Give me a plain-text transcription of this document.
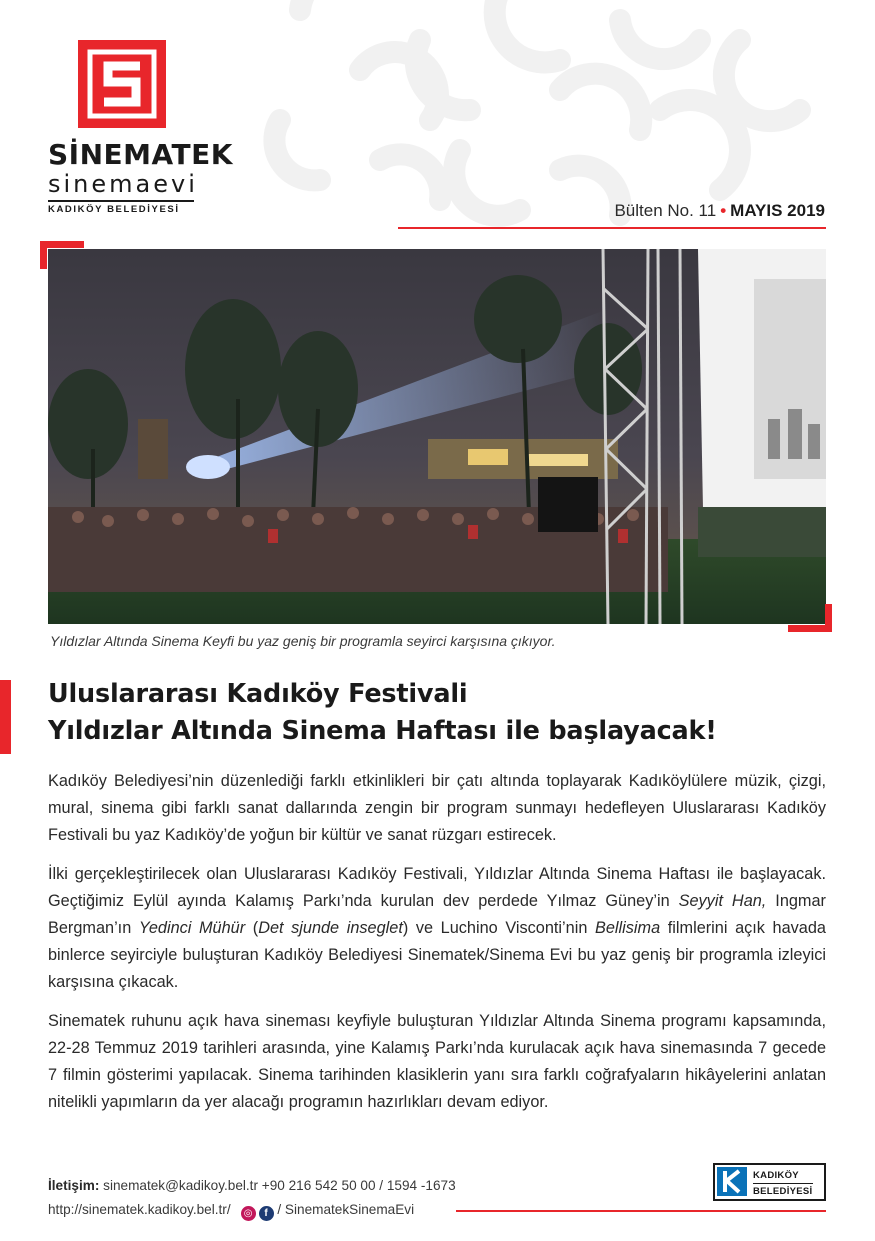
SİNEMATEK
sinemaevi
KADIKÖY BELEDİYESİ	Bülten No. 11 • MAYIS 2019
Yıldızlar Altında Sinema Keyfi bu yaz geniş bir programla seyirci karşısına çıkıyor.
Uluslararası Kadıköy Festivali
Yıldızlar Altında Sinema Haftası ile başlayacak!

Kadıköy Belediyesi’nin düzenlediği farklı etkinlikleri bir çatı altında toplayarak Kadıköylülere müzik, çizgi, mural, sinema gibi farklı sanat dallarında zengin bir program sunmayı hedefleyen Uluslararası Kadıköy Festivali bu yaz Kadıköy’de yoğun bir kültür ve sanat rüzgarı estirecek.

İlki gerçekleştirilecek olan Uluslararası Kadıköy Festivali, Yıldızlar Altında Sinema Haftası ile başlayacak. Geçtiğimiz Eylül ayında Kalamış Parkı’nda kurulan dev perdede Yılmaz Güney’in Seyyit Han, Ingmar Bergman’ın Yedinci Mühür (Det sjunde inseglet) ve Luchino Visconti’nin Bellisima filmlerini açık havada binlerce seyirciyle buluşturan Kadıköy Belediyesi Sinematek/Sinema Evi bu yaz geniş bir programla izleyici karşısına çıkacak.

Sinematek ruhunu açık hava sineması keyfiyle buluşturan Yıldızlar Altında Sinema programı kapsamında, 22-28 Temmuz 2019 tarihleri arasında, yine Kalamış Parkı’nda kurulacak açık hava sinemasında 7 gecede 7 filmin gösterimi yapılacak. Sinema tarihinden klasiklerin yanı sıra farklı coğrafyaların hikâyelerini anlatan nitelikli yapımların da yer alacağı programın hazırlıkları devam ediyor.

İletişim: sinematek@kadikoy.bel.tr +90 216 542 50 00 / 1594 -1673
http://sinematek.kadikoy.bel.tr/	◎	f / SinematekSinemaEvi
KADIKÖY
BELEDİYESİ
